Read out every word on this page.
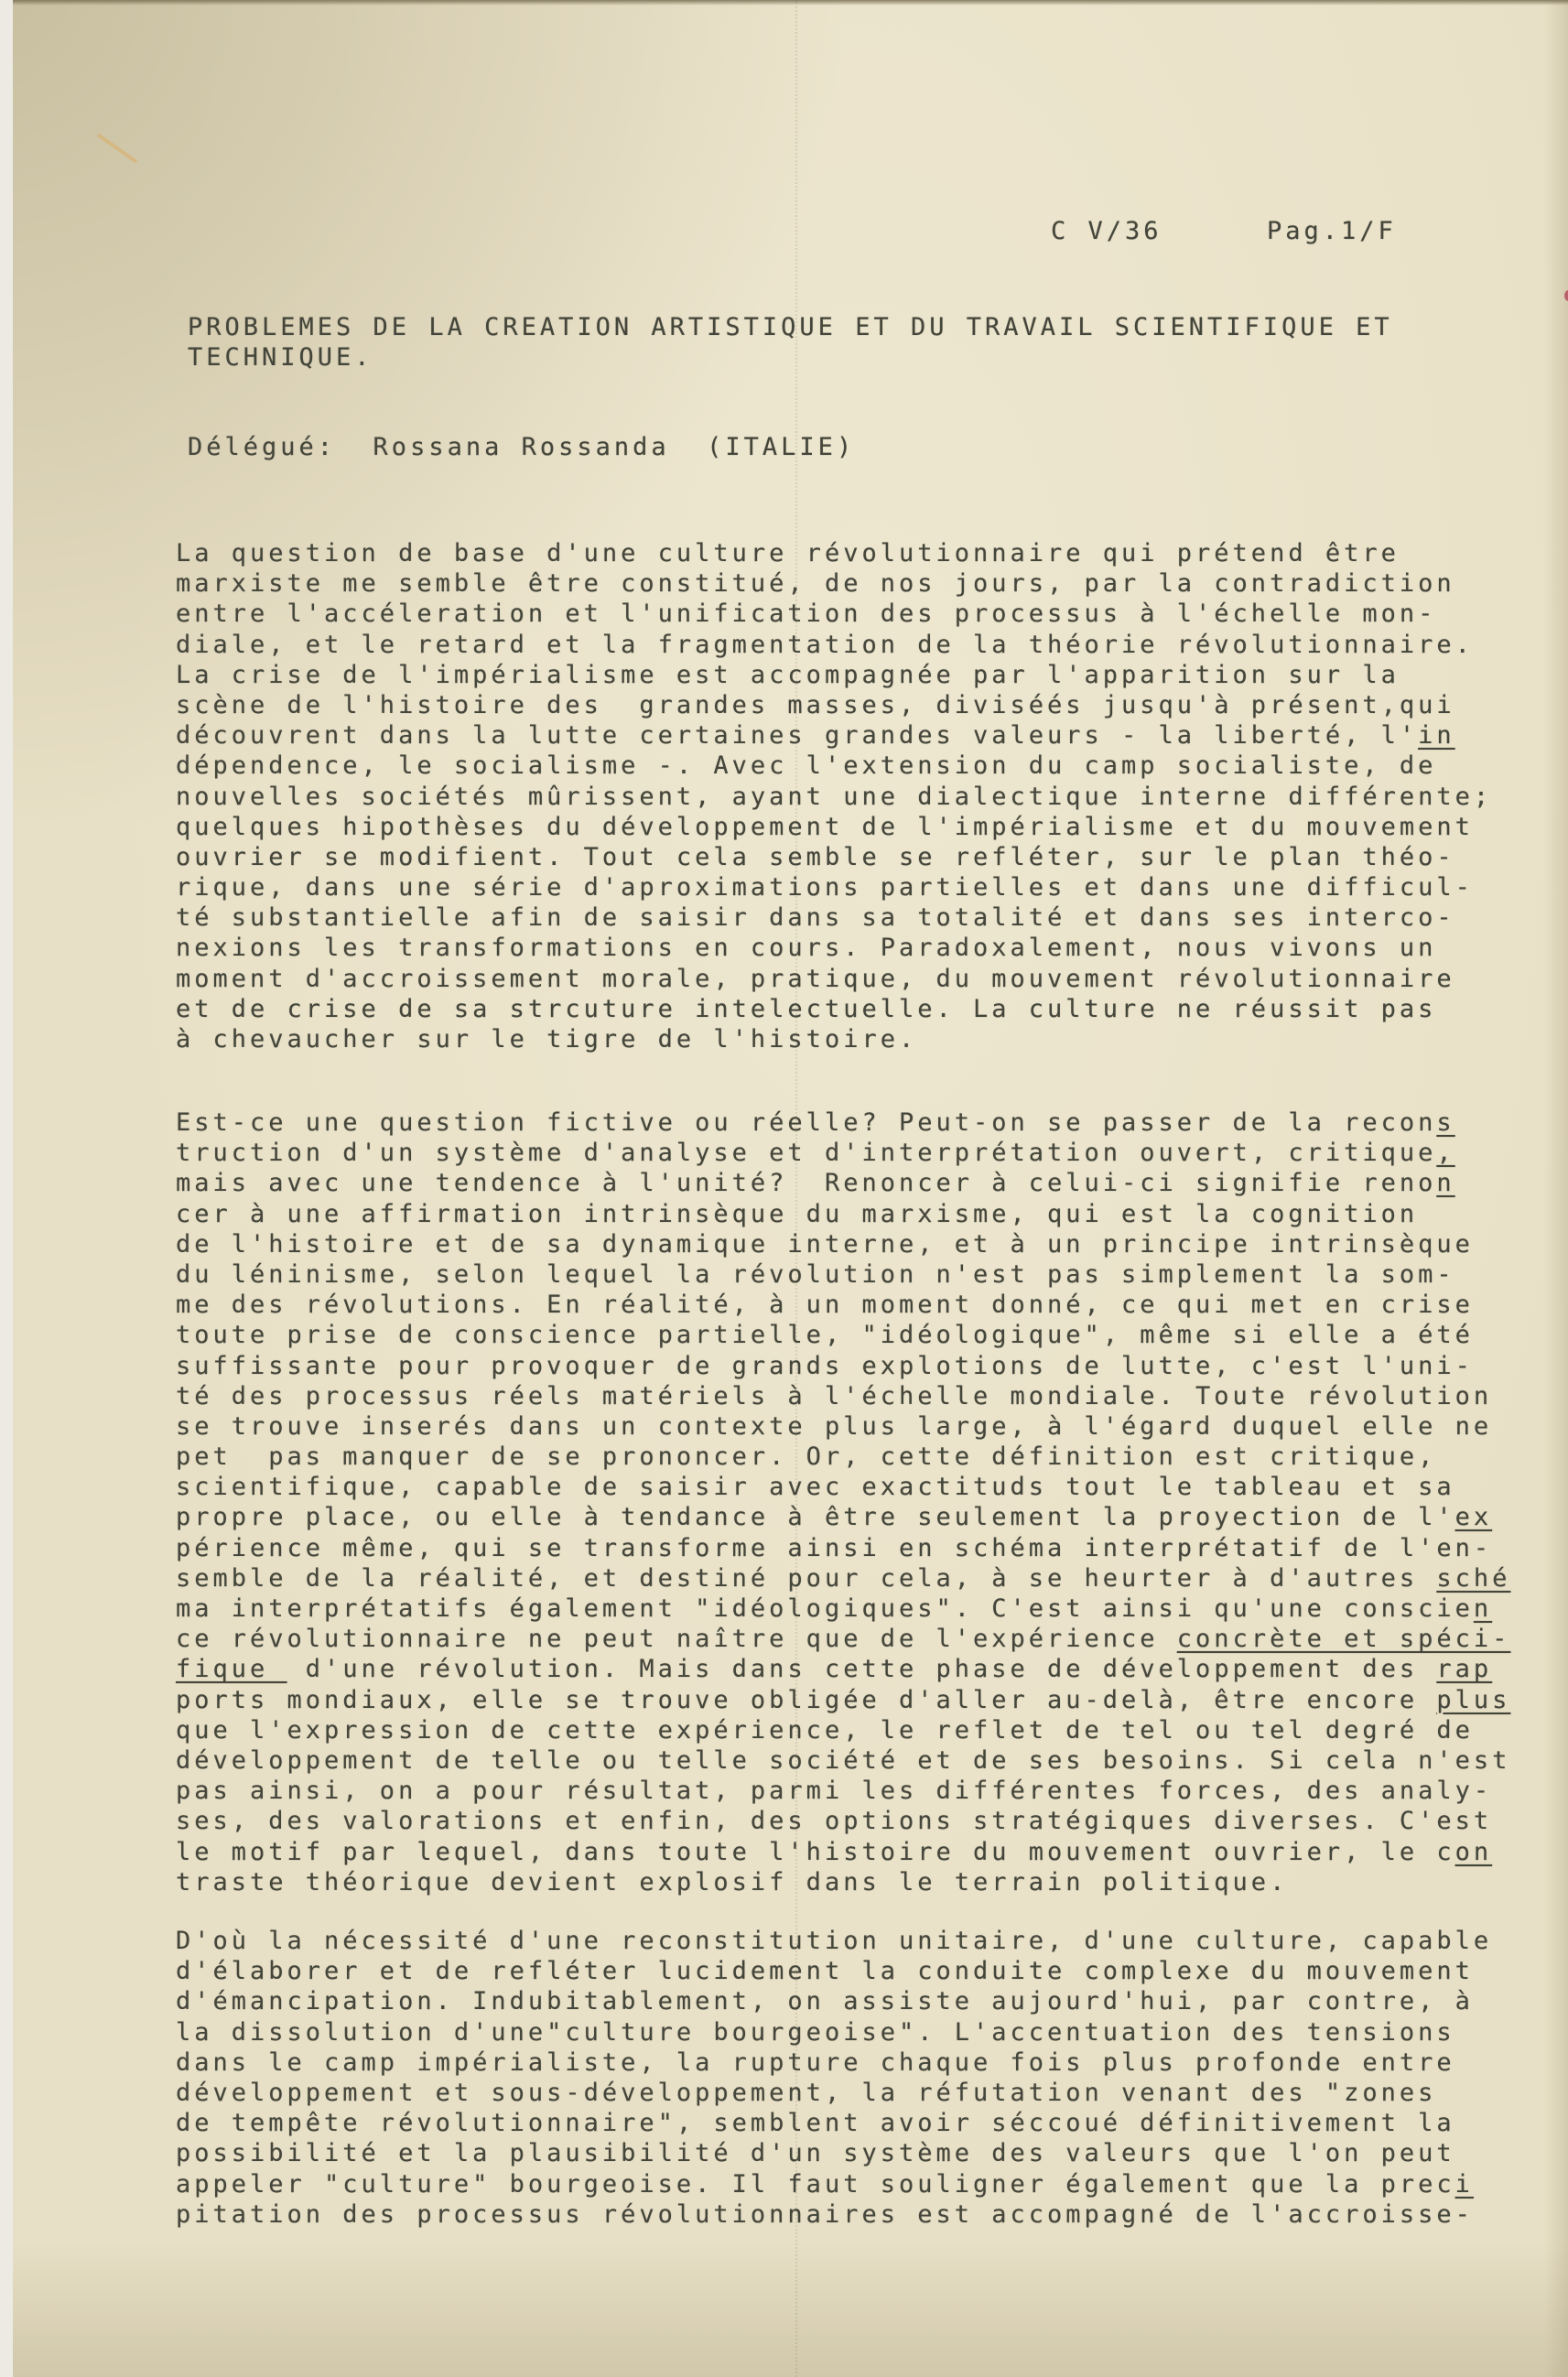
C V/36	Pag.1/F
PROBLEMES DE LA CREATION ARTISTIQUE ET DU TRAVAIL SCIENTIFIQUE ET
TECHNIQUE.
Délégué:  Rossana Rossanda  (ITALIE)
La question de base d'une culture révolutionnaire qui prétend être
marxiste me semble être constitué, de nos jours, par la contradiction
entre l'accéleration et l'unification des processus à l'échelle mon-
diale, et le retard et la fragmentation de la théorie révolutionnaire.
La crise de l'impérialisme est accompagnée par l'apparition sur la
scène de l'histoire des  grandes masses, diviséés jusqu'à présent,qui
découvrent dans la lutte certaines grandes valeurs - la liberté, l'in
dépendence, le socialisme -. Avec l'extension du camp socialiste, de
nouvelles sociétés mûrissent, ayant une dialectique interne différente;
quelques hipothèses du développement de l'impérialisme et du mouvement
ouvrier se modifient. Tout cela semble se refléter, sur le plan théo-
rique, dans une série d'aproximations partielles et dans une difficul-
té substantielle afin de saisir dans sa totalité et dans ses interco-
nexions les transformations en cours. Paradoxalement, nous vivons un
moment d'accroissement morale, pratique, du mouvement révolutionnaire
et de crise de sa strcuture intelectuelle. La culture ne réussit pas
à chevaucher sur le tigre de l'histoire.
Est-ce une question fictive ou réelle? Peut-on se passer de la recons
truction d'un système d'analyse et d'interprétation ouvert, critique,
mais avec une tendence à l'unité?  Renoncer à celui-ci signifie renon
cer à une affirmation intrinsèque du marxisme, qui est la cognition
de l'histoire et de sa dynamique interne, et à un principe intrinsèque
du léninisme, selon lequel la révolution n'est pas simplement la som-
me des révolutions. En réalité, à un moment donné, ce qui met en crise
toute prise de conscience partielle, "idéologique", même si elle a été
suffissante pour provoquer de grands explotions de lutte, c'est l'uni-
té des processus réels matériels à l'échelle mondiale. Toute révolution
se trouve inserés dans un contexte plus large, à l'égard duquel elle ne
pet  pas manquer de se prononcer. Or, cette définition est critique,
scientifique, capable de saisir avec exactituds tout le tableau et sa
propre place, ou elle à tendance à être seulement la proyection de l'ex
périence même, qui se transforme ainsi en schéma interprétatif de l'en-
semble de la réalité, et destiné pour cela, à se heurter à d'autres sché
ma interprétatifs également "idéologiques". C'est ainsi qu'une conscien
ce révolutionnaire ne peut naître que de l'expérience concrète et spéci-
fique  d'une révolution. Mais dans cette phase de développement des rap
ports mondiaux, elle se trouve obligée d'aller au-delà, être encore plus
que l'expression de cette expérience, le reflet de tel ou tel degré de
développement de telle ou telle société et de ses besoins. Si cela n'est
pas ainsi, on a pour résultat, parmi les différentes forces, des analy-
ses, des valorations et enfin, des options stratégiques diverses. C'est
le motif par lequel, dans toute l'histoire du mouvement ouvrier, le con
traste théorique devient explosif dans le terrain politique.
D'où la nécessité d'une reconstitution unitaire, d'une culture, capable
d'élaborer et de refléter lucidement la conduite complexe du mouvement
d'émancipation. Indubitablement, on assiste aujourd'hui, par contre, à
la dissolution d'une"culture bourgeoise". L'accentuation des tensions
dans le camp impérialiste, la rupture chaque fois plus profonde entre
développement et sous-développement, la réfutation venant des "zones
de tempête révolutionnaire", semblent avoir séccoué définitivement la
possibilité et la plausibilité d'un système des valeurs que l'on peut
appeler "culture" bourgeoise. Il faut souligner également que la preci
pitation des processus révolutionnaires est accompagné de l'accroisse-
